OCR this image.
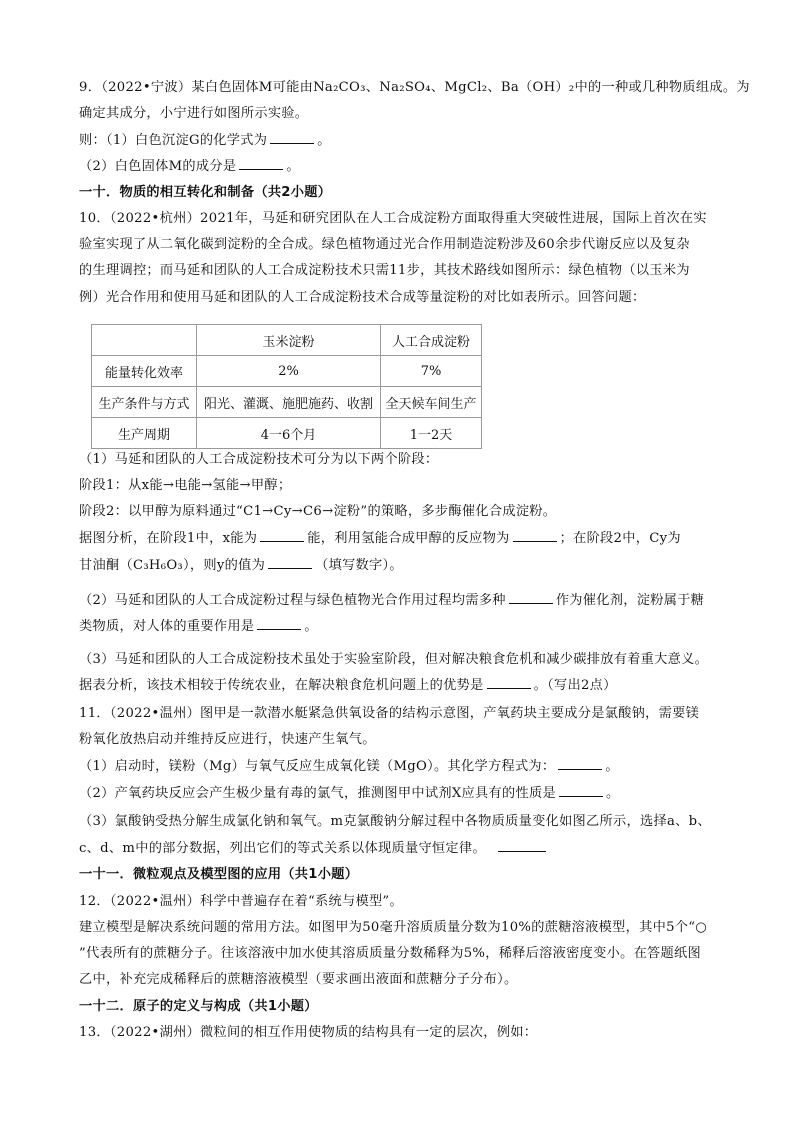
9．（2022•宁波）某白色固体M可能由Na₂CO₃、Na₂SO₄、MgCl₂、Ba（OH）₂中的一种或几种物质组成。为
确定其成分，小宁进行如图所示实验。
则：（1）白色沉淀G的化学式为	。
（2）白色固体M的成分是	。
一十．物质的相互转化和制备（共2小题）
10．（2022•杭州）2021年，马延和研究团队在人工合成淀粉方面取得重大突破性进展，国际上首次在实
验室实现了从二氧化碳到淀粉的全合成。绿色植物通过光合作用制造淀粉涉及60余步代谢反应以及复杂
的生理调控；而马延和团队的人工合成淀粉技术只需11步，其技术路线如图所示：绿色植物（以玉米为
例）光合作用和使用马延和团队的人工合成淀粉技术合成等量淀粉的对比如表所示。回答问题：
	玉米淀粉	人工合成淀粉
能量转化效率	2%	7%
生产条件与方式	阳光、灌溉、施肥施药、收割	全天候车间生产
生产周期	4一6个月	1一2天
（1）马延和团队的人工合成淀粉技术可分为以下两个阶段：
阶段1：从x能→电能→氢能→甲醇；
阶段2：以甲醇为原料通过“C1→Cy→C6→淀粉”的策略，多步酶催化合成淀粉。
据图分析，在阶段1中，x能为	能，利用氢能合成甲醇的反应物为	；在阶段2中，Cy为
甘油酮（C₃H₆O₃），则y的值为	（填写数字）。
（2）马延和团队的人工合成淀粉过程与绿色植物光合作用过程均需多种	作为催化剂，淀粉属于糖
类物质，对人体的重要作用是	。
（3）马延和团队的人工合成淀粉技术虽处于实验室阶段，但对解决粮食危机和减少碳排放有着重大意义。
据表分析，该技术相较于传统农业，在解决粮食危机问题上的优势是	。（写出2点）
11．（2022•温州）图甲是一款潜水艇紧急供氧设备的结构示意图，产氧药块主要成分是氯酸钠，需要镁
粉氧化放热启动并维持反应进行，快速产生氧气。
（1）启动时，镁粉（Mg）与氧气反应生成氧化镁（MgO）。其化学方程式为：	。
（2）产氧药块反应会产生极少量有毒的氯气，推测图甲中试剂X应具有的性质是	。
（3）氯酸钠受热分解生成氯化钠和氧气。m克氯酸钠分解过程中各物质质量变化如图乙所示，选择a、b、
c、d、m中的部分数据，列出它们的等式关系以体现质量守恒定律。
一十一．微粒观点及模型图的应用（共1小题）
12．（2022•温州）科学中普遍存在着“系统与模型”。
建立模型是解决系统问题的常用方法。如图甲为50毫升溶质质量分数为10%的蔗糖溶液模型，其中5个“○
”代表所有的蔗糖分子。往该溶液中加水使其溶质质量分数稀释为5%，稀释后溶液密度变小。在答题纸图
乙中，补充完成稀释后的蔗糖溶液模型（要求画出液面和蔗糖分子分布）。
一十二．原子的定义与构成（共1小题）
13．（2022•湖州）微粒间的相互作用使物质的结构具有一定的层次，例如：
